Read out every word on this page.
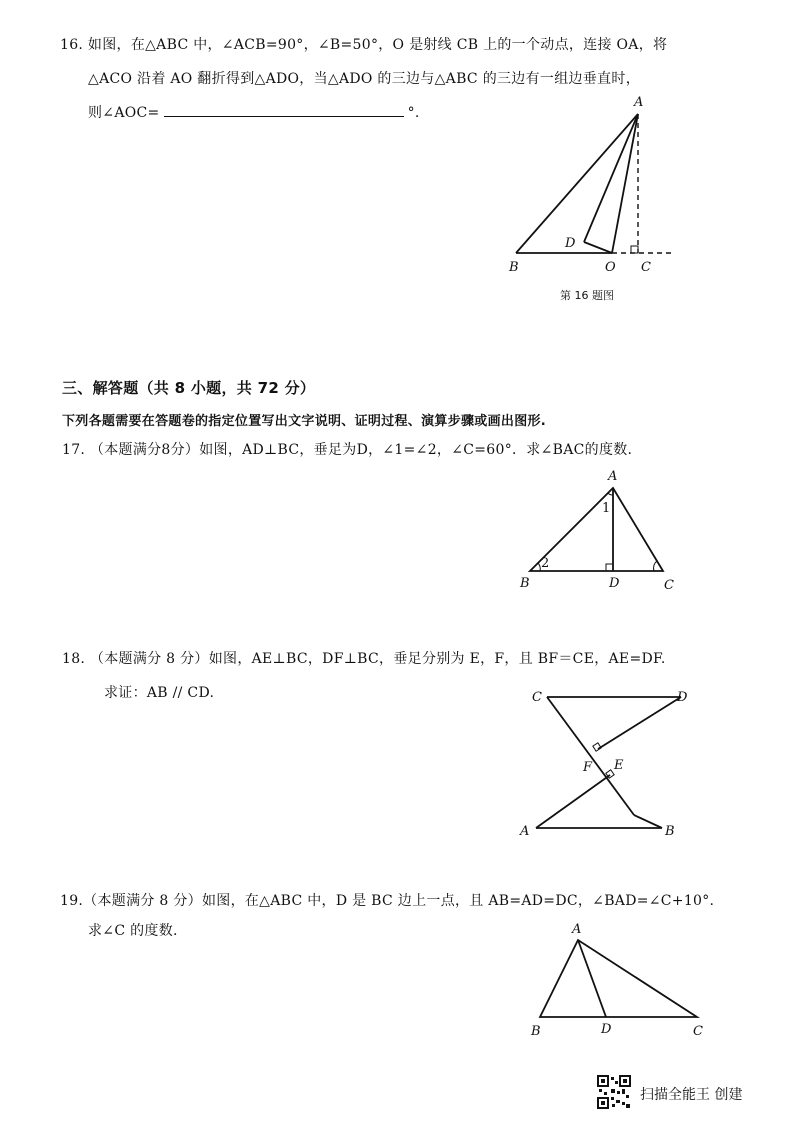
16. 如图，在△ABC 中，∠ACB=90°，∠B=50°，O 是射线 CB 上的一个动点，连接 OA，将
△ACO 沿着 AO 翻折得到△ADO，当△ADO 的三边与△ABC 的三边有一组边垂直时，
则∠AOC=	°.
A
B	O C
D
第 16 题图
三、解答题（共 8 小题，共 72 分）
下列各题需要在答题卷的指定位置写出文字说明、证明过程、演算步骤或画出图形.
17. （本题满分8分）如图，AD⊥BC，垂足为D，∠1=∠2，∠C=60°．求∠BAC的度数.
A
B	D	C
1
2
18. （本题满分 8 分）如图，AE⊥BC，DF⊥BC，垂足分别为 E，F，且 BF＝CE，AE=DF.
求证：AB // CD.	C	D
F E
A	B
19.（本题满分 8 分）如图，在△ABC 中，D 是 BC 边上一点，且 AB=AD=DC，∠BAD=∠C+10°.
求∠C 的度数.	A
B	D	C
扫描全能王 创建
